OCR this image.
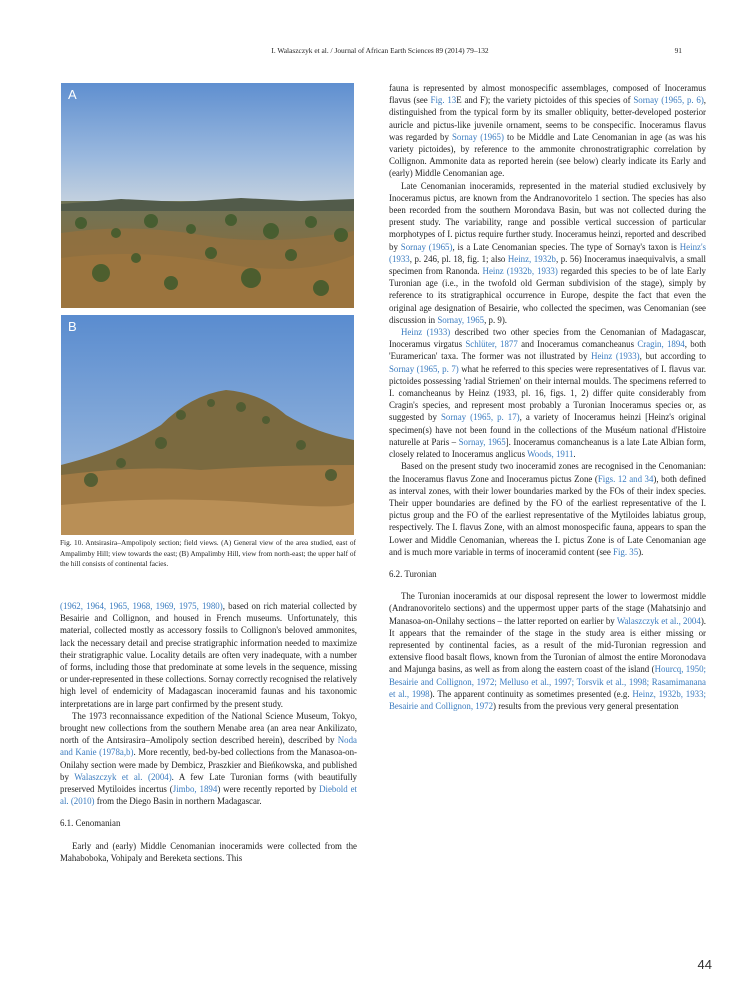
I. Walaszczyk et al. / Journal of African Earth Sciences 89 (2014) 79–132	91
A
B
Fig. 10. Antsirasira–Ampolipoly section; field views. (A) General view of the area studied, east of Ampalimby Hill; view towards the east; (B) Ampalimby Hill, view from north-east; the upper half of the hill consists of continental facies.

(1962, 1964, 1965, 1968, 1969, 1975, 1980), based on rich material collected by Besairie and Collignon, and housed in French museums. Unfortunately, this material, collected mostly as accessory fossils to Collignon's beloved ammonites, lack the necessary detail and precise stratigraphic information needed to maximize their stratigraphic value. Locality details are often very inadequate, with a number of forms, including those that predominate at some levels in the sequence, missing or under-represented in these collections. Sornay correctly recognised the relatively high level of endemicity of Madagascan inoceramid faunas and his taxonomic interpretations are in large part confirmed by the present study.

The 1973 reconnaissance expedition of the National Science Museum, Tokyo, brought new collections from the southern Menabe area (an area near Ankilizato, north of the Antsirasira–Amolipoly section described herein), described by Noda and Kanie (1978a,b). More recently, bed-by-bed collections from the Manasoa-on-Onilahy section were made by Dembicz, Praszkier and Bieńkowska, and published by Walaszczyk et al. (2004). A few Late Turonian forms (with beautifully preserved Mytiloides incertus (Jimbo, 1894) were recently reported by Diebold et al. (2010) from the Diego Basin in northern Madagascar.

6.1. Cenomanian

Early and (early) Middle Cenomanian inoceramids were collected from the Mahaboboka, Vohipaly and Bereketa sections. This

fauna is represented by almost monospecific assemblages, composed of Inoceramus flavus (see Fig. 13E and F); the variety pictoides of this species of Sornay (1965, p. 6), distinguished from the typical form by its smaller obliquity, better-developed posterior auricle and pictus-like juvenile ornament, seems to be conspecific. Inoceramus flavus was regarded by Sornay (1965) to be Middle and Late Cenomanian in age (as was his variety pictoides), by reference to the ammonite chronostratigraphic correlation by Collignon. Ammonite data as reported herein (see below) clearly indicate its Early and (early) Middle Cenomanian age.

Late Cenomanian inoceramids, represented in the material studied exclusively by Inoceramus pictus, are known from the Andranovoritelo 1 section. The species has also been recorded from the southern Morondava Basin, but was not collected during the present study. The variability, range and possible vertical succession of particular morphotypes of I. pictus require further study. Inoceramus heinzi, reported and described by Sornay (1965), is a Late Cenomanian species. The type of Sornay's taxon is Heinz's (1933, p. 246, pl. 18, fig. 1; also Heinz, 1932b, p. 56) Inoceramus inaequivalvis, a small specimen from Ranonda. Heinz (1932b, 1933) regarded this species to be of late Early Turonian age (i.e., in the twofold old German subdivision of the stage), simply by reference to its stratigraphical occurrence in Europe, despite the fact that even the original age designation of Besairie, who collected the specimen, was Cenomanian (see discussion in Sornay, 1965, p. 9).

Heinz (1933) described two other species from the Cenomanian of Madagascar, Inoceramus virgatus Schlüter, 1877 and Inoceramus comancheanus Cragin, 1894, both 'Euramerican' taxa. The former was not illustrated by Heinz (1933), but according to Sornay (1965, p. 7) what he referred to this species were representatives of I. flavus var. pictoides possessing 'radial Striemen' on their internal moulds. The specimens referred to I. comancheanus by Heinz (1933, pl. 16, figs. 1, 2) differ quite considerably from Cragin's species, and represent most probably a Turonian Inoceramus species or, as suggested by Sornay (1965, p. 17), a variety of Inoceramus heinzi [Heinz's original specimen(s) have not been found in the collections of the Muséum national d'Histoire naturelle at Paris – Sornay, 1965]. Inoceramus comancheanus is a late Late Albian form, closely related to Inoceramus anglicus Woods, 1911.

Based on the present study two inoceramid zones are recognised in the Cenomanian: the Inoceramus flavus Zone and Inoceramus pictus Zone (Figs. 12 and 34), both defined as interval zones, with their lower boundaries marked by the FOs of their index species. Their upper boundaries are defined by the FO of the earliest representative of the I. pictus group and the FO of the earliest representative of the Mytiloides labiatus group, respectively. The I. flavus Zone, with an almost monospecific fauna, appears to span the Lower and Middle Cenomanian, whereas the I. pictus Zone is of Late Cenomanian age and is much more variable in terms of inoceramid content (see Fig. 35).

6.2. Turonian

The Turonian inoceramids at our disposal represent the lower to lowermost middle (Andranovoritelo sections) and the uppermost upper parts of the stage (Mahatsinjo and Manasoa-on-Onilahy sections – the latter reported on earlier by Walaszczyk et al., 2004). It appears that the remainder of the stage in the study area is either missing or represented by continental facies, as a result of the mid-Turonian regression and extensive flood basalt flows, known from the Turonian of almost the entire Moronodava and Majunga basins, as well as from along the eastern coast of the island (Hourcq, 1950; Besairie and Collignon, 1972; Melluso et al., 1997; Torsvik et al., 1998; Rasamimanana et al., 1998). The apparent continuity as sometimes presented (e.g. Heinz, 1932b, 1933; Besairie and Collignon, 1972) results from the previous very general presentation

44
